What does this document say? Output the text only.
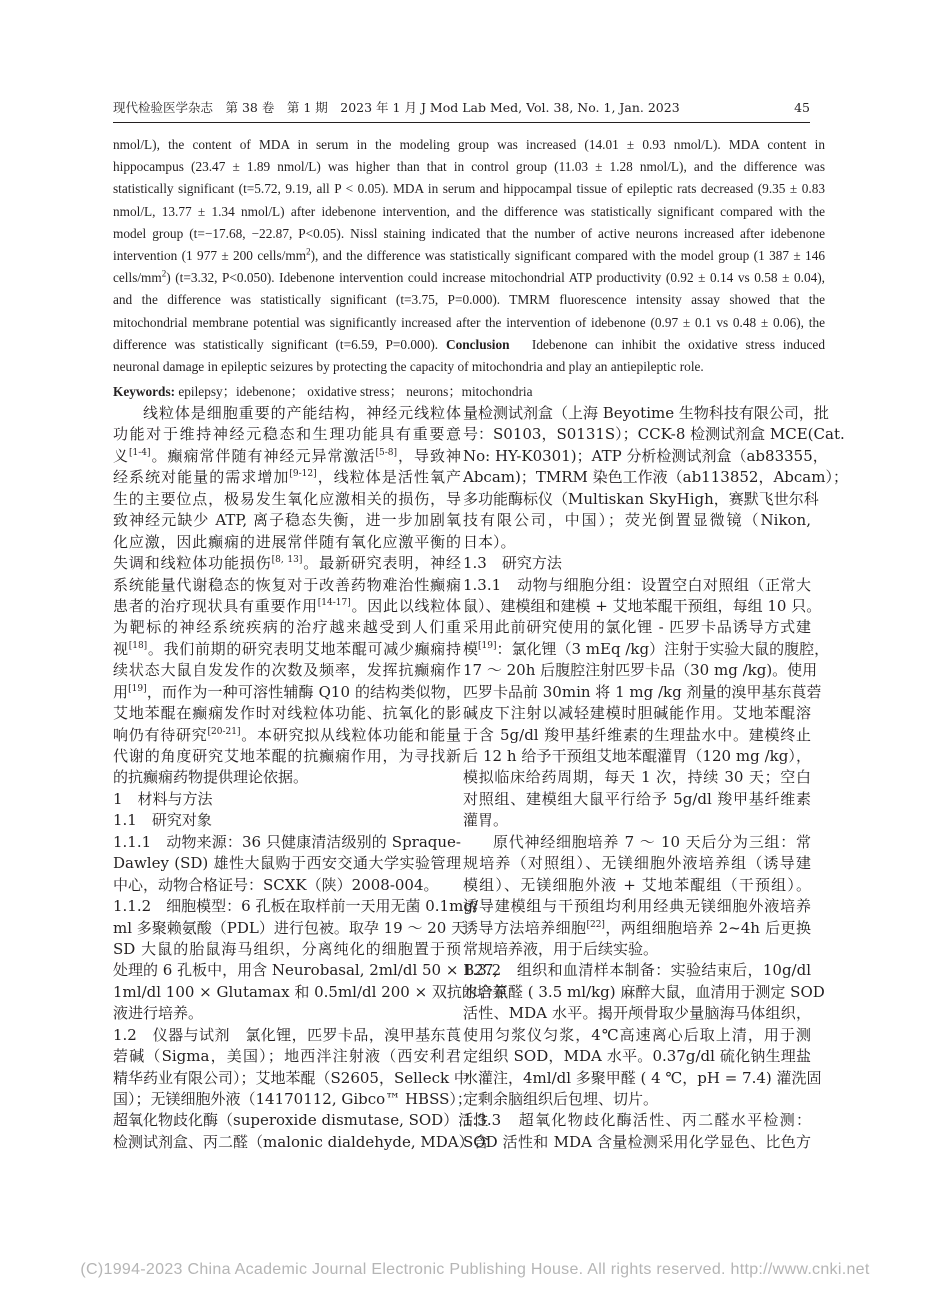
现代检验医学杂志　第 38 卷　第 1 期　2023 年 1 月 J Mod Lab Med, Vol. 38, No. 1, Jan. 2023	45
nmol/L), the content of MDA in serum in the modeling group was increased (14.01 ± 0.93 nmol/L). MDA content in
hippocampus (23.47 ± 1.89 nmol/L) was higher than that in control group (11.03 ± 1.28 nmol/L), and the difference was
statistically significant (t=5.72, 9.19, all P < 0.05). MDA in serum and hippocampal tissue of epileptic rats decreased (9.35 ± 0.83
nmol/L, 13.77 ± 1.34 nmol/L) after idebenone intervention, and the difference was statistically significant compared with the
model group (t=−17.68, −22.87, P<0.05). Nissl staining indicated that the number of active neurons increased after idebenone
intervention (1 977 ± 200 cells/$mm^2$), and the difference was statistically significant compared with the model group (1 387 ± 146
cells/$mm^2$) (t=3.32, P<0.050). Idebenone intervention could increase mitochondrial ATP productivity (0.92 ± 0.14 vs 0.58 ± 0.04),
and the difference was statistically significant (t=3.75, P=0.000). TMRM fluorescence intensity assay showed that the
mitochondrial membrane potential was significantly increased after the intervention of idebenone (0.97 ± 0.1 vs 0.48 ± 0.06), the
difference was statistically significant (t=6.59, P=0.000). Conclusion　Idebenone can inhibit the oxidative stress induced
neuronal damage in epileptic seizures by protecting the capacity of mitochondria and play an antiepileptic role.
Keywords: epilepsy；idebenone； oxidative stress； neurons；mitochondria
线粒体是细胞重要的产能结构，神经元线粒体
功能对于维持神经元稳态和生理功能具有重要意
义[1-4]。癫痫常伴随有神经元异常激活[5-8]，导致神
经系统对能量的需求增加[9-12]，线粒体是活性氧产
生的主要位点，极易发生氧化应激相关的损伤，导
致神经元缺少 ATP, 离子稳态失衡，进一步加剧氧
化应激，因此癫痫的进展常伴随有氧化应激平衡的
失调和线粒体功能损伤[8, 13]。最新研究表明，神经
系统能量代谢稳态的恢复对于改善药物难治性癫痫
患者的治疗现状具有重要作用[14-17]。因此以线粒体
为靶标的神经系统疾病的治疗越来越受到人们重
视[18]。我们前期的研究表明艾地苯醌可减少癫痫持
续状态大鼠自发发作的次数及频率，发挥抗癫痫作
用[19]，而作为一种可溶性辅酶 Q10 的结构类似物，
艾地苯醌在癫痫发作时对线粒体功能、抗氧化的影
响仍有待研究[20-21]。本研究拟从线粒体功能和能量
代谢的角度研究艾地苯醌的抗癫痫作用，为寻找新
的抗癫痫药物提供理论依据。
1　材料与方法
1.1　研究对象
1.1.1　动物来源：36 只健康清洁级别的 Spraque-
Dawley (SD) 雄性大鼠购于西安交通大学实验管理
中心，动物合格证号：SCXK（陕）2008-004。
1.1.2　细胞模型：6 孔板在取样前一天用无菌 0.1mg/
ml 多聚赖氨酸（PDL）进行包被。取孕 19 ～ 20 天
SD 大鼠的胎鼠海马组织，分离纯化的细胞置于预
处理的 6 孔板中，用含 Neurobasal, 2ml/dl 50 × B27,
1ml/dl 100 × Glutamax 和 0.5ml/dl 200 × 双抗的培养
液进行培养。
1.2　仪器与试剂　氯化锂，匹罗卡品，溴甲基东莨
菪碱（Sigma，美国）；地西泮注射液（西安利君
精华药业有限公司）；艾地苯醌（S2605，Selleck 中
国）；无镁细胞外液（14170112, Gibco™ HBSS）；
超氧化物歧化酶（superoxide dismutase, SOD）活性
检测试剂盒、丙二醛（malonic dialdehyde, MDA）含
量检测试剂盒（上海 Beyotime 生物科技有限公司，批
号：S0103，S0131S）；CCK-8 检测试剂盒 MCE(Cat.
No: HY-K0301)；ATP 分析检测试剂盒（ab83355，
Abcam)；TMRM 染色工作液（ab113852，Abcam）；
多功能酶标仪（Multiskan SkyHigh，赛默飞世尔科
技有限公司，中国）；荧光倒置显微镜（Nikon,
日本）。
1.3　研究方法
1.3.1　动物与细胞分组：设置空白对照组（正常大
鼠）、建模组和建模 + 艾地苯醌干预组，每组 10 只。
采用此前研究使用的氯化锂 - 匹罗卡品诱导方式建
模[19]：氯化锂（3 mEq /kg）注射于实验大鼠的腹腔，
17 ～ 20h 后腹腔注射匹罗卡品（30 mg /kg)。使用
匹罗卡品前 30min 将 1 mg /kg 剂量的溴甲基东莨菪
碱皮下注射以减轻建模时胆碱能作用。艾地苯醌溶
于含 5g/dl 羧甲基纤维素的生理盐水中。建模终止
后 12 h 给予干预组艾地苯醌灌胃（120 mg /kg），
模拟临床给药周期，每天 1 次，持续 30 天；空白
对照组、建模组大鼠平行给予 5g/dl 羧甲基纤维素
灌胃。
原代神经细胞培养 7 ～ 10 天后分为三组：常
规培养（对照组）、无镁细胞外液培养组（诱导建
模组）、无镁细胞外液 + 艾地苯醌组（干预组）。
诱导建模组与干预组均利用经典无镁细胞外液培养
诱导方法培养细胞[22]，两组细胞培养 2~4h 后更换
常规培养液，用于后续实验。
1.3.2　组织和血清样本制备：实验结束后，10g/dl
水合氯醛 ( 3.5 ml/kg) 麻醉大鼠，血清用于测定 SOD
活性、MDA 水平。揭开颅骨取少量脑海马体组织，
使用匀浆仪匀浆，4℃高速离心后取上清，用于测
定组织 SOD，MDA 水平。0.37g/dl 硫化钠生理盐
水灌注，4ml/dl 多聚甲醛 ( 4 ℃，pH = 7.4) 灌洗固
定剩余脑组织后包埋、切片。
1.3.3　超氧化物歧化酶活性、丙二醛水平检测：
SOD 活性和 MDA 含量检测采用化学显色、比色方
(C)1994-2023 China Academic Journal Electronic Publishing House. All rights reserved. http://www.cnki.net
